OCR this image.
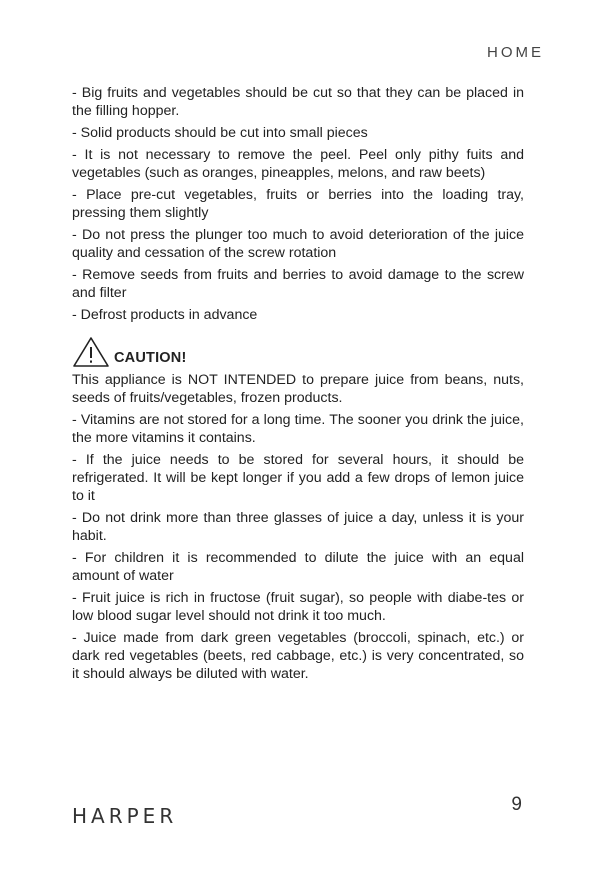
HOME

- Big fruits and vegetables should be cut so that they can be placed in the filling hopper.

- Solid products should be cut into small pieces

- It is not necessary to remove the peel. Peel only pithy fuits and vegetables (such as oranges, pineapples, melons, and raw beets)

- Place pre-cut vegetables, fruits or berries into the loading tray, pressing them slightly

- Do not press the plunger too much to avoid deterioration of the juice quality and cessation of the screw rotation

- Remove seeds from fruits and berries to avoid damage to the screw and filter

- Defrost products in advance

CAUTION!

This appliance is NOT INTENDED to prepare juice from beans, nuts, seeds of fruits/vegetables, frozen products.

- Vitamins are not stored for a long time. The sooner you drink the juice, the more vitamins it contains.

- If the juice needs to be stored for several hours, it should be refrigerated. It will be kept longer if you add a few drops of lemon juice to it

- Do not drink more than three glasses of juice a day, unless it is your habit.

- For children it is recommended to dilute the juice with an equal amount of water

- Fruit juice is rich in fructose (fruit sugar), so people with diabe-tes or low blood sugar level should not drink it too much.

- Juice made from dark green vegetables (broccoli, spinach, etc.) or dark red vegetables (beets, red cabbage, etc.) is very concentrated, so it should always be diluted with water.

HARPER	9
